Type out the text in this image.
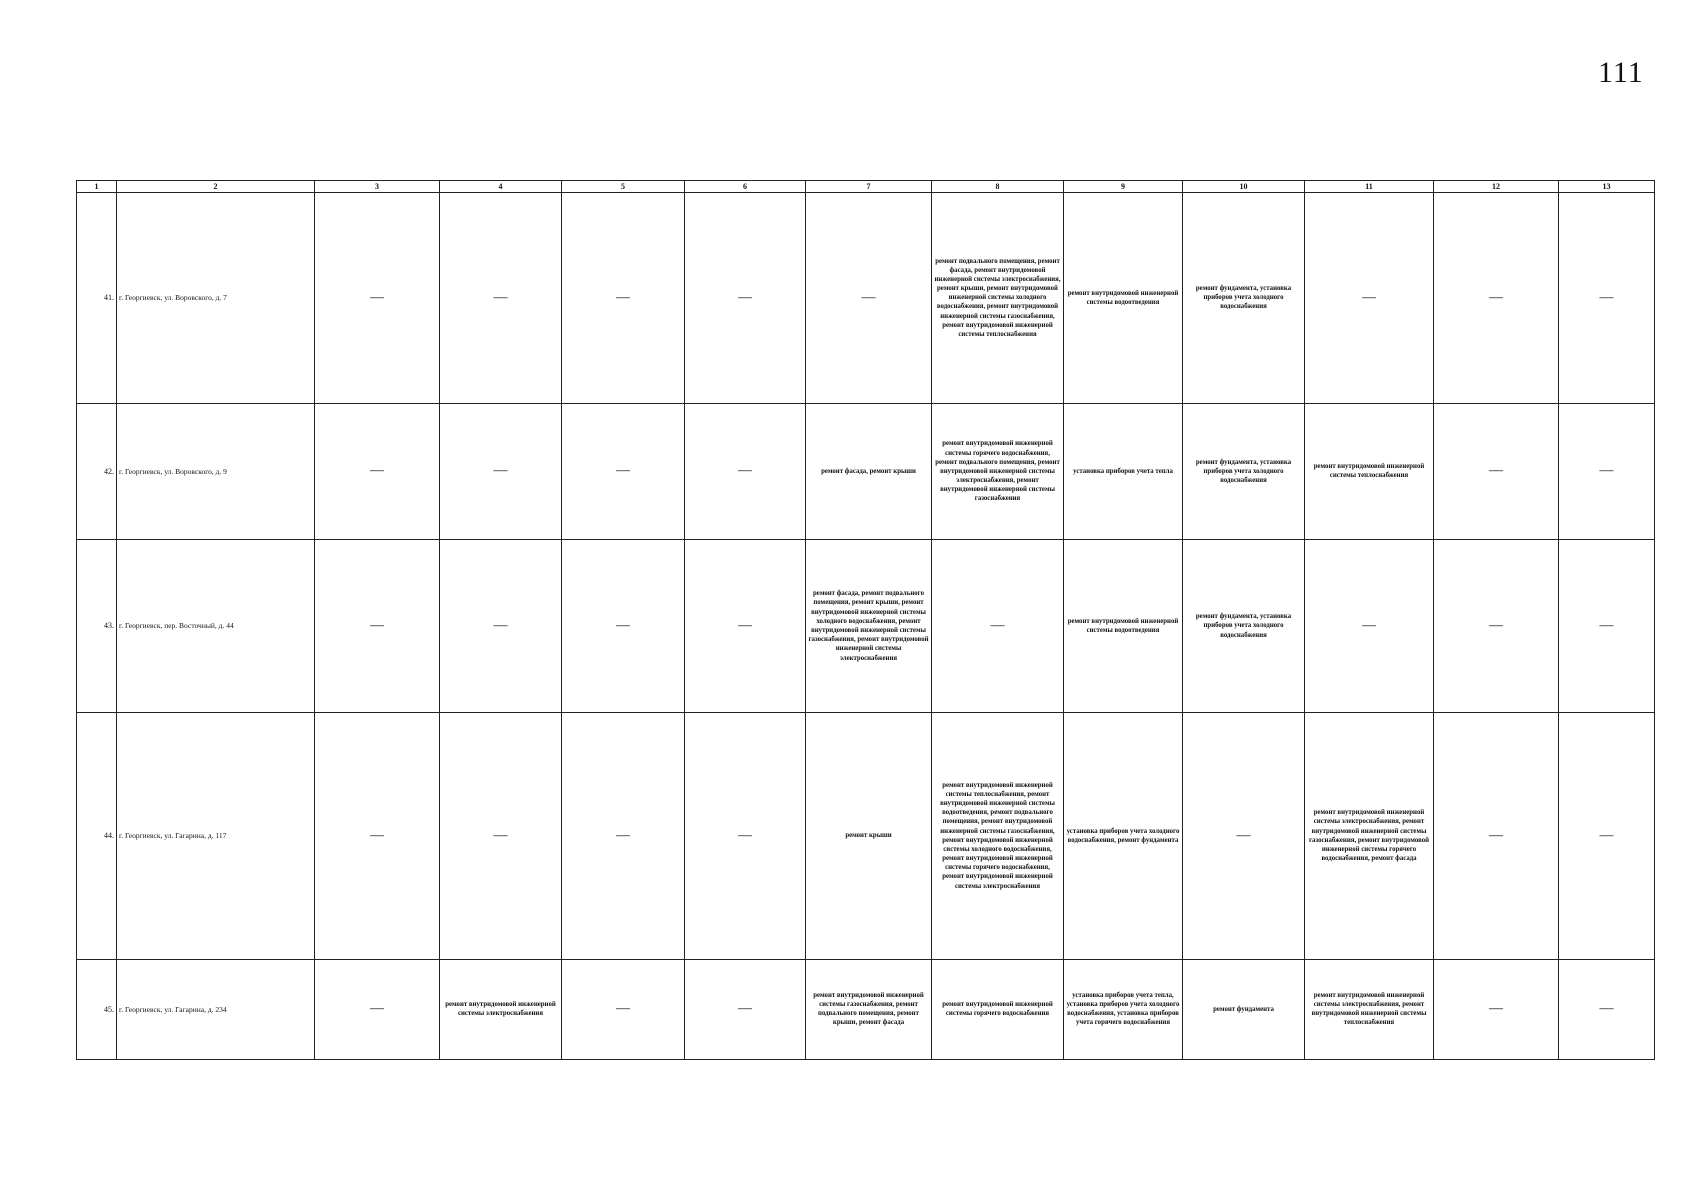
111
1	2	3	4	5	6	7	8	9	10	11	12	13

41.	г. Георгиевск, ул. Воровского, д. 7	—	—	—	—	—	ремонт подвального помещения, ремонт фасада, ремонт внутридомовой инженерной системы электроснабжения, ремонт крыши, ремонт внутридомовой инженерной системы холодного водоснабжения, ремонт внутридомовой инженерной системы газоснабжения, ремонт внутридомовой инженерной системы теплоснабжения	ремонт внутридомовой инженерной системы водоотведения	ремонт фундамента, установка приборов учета холодного водоснабжения	—	—	—
42.	г. Георгиевск, ул. Воровского, д. 9	—	—	—	—	ремонт фасада, ремонт крыши	ремонт внутридомовой инженерной системы горячего водоснабжения, ремонт подвального помещения, ремонт внутридомовой инженерной системы электроснабжения, ремонт внутридомовой инженерной системы газоснабжения	установка приборов учета тепла	ремонт фундамента, установка приборов учета холодного водоснабжения	ремонт внутридомовой инженерной системы теплоснабжения	—	—
43.	г. Георгиевск, пер. Восточный, д. 44	—	—	—	—	ремонт фасада, ремонт подвального помещения, ремонт крыши, ремонт внутридомовой инженерной системы холодного водоснабжения, ремонт внутридомовой инженерной системы газоснабжения, ремонт внутридомовой инженерной системы электроснабжения	—	ремонт внутридомовой инженерной системы водоотведения	ремонт фундамента, установка приборов учета холодного водоснабжения	—	—	—
44.	г. Георгиевск, ул. Гагарина, д. 117	—	—	—	—	ремонт крыши	ремонт внутридомовой инженерной системы теплоснабжения, ремонт внутридомовой инженерной системы водоотведения, ремонт подвального помещения, ремонт внутридомовой инженерной системы газоснабжения, ремонт внутридомовой инженерной системы холодного водоснабжения, ремонт внутридомовой инженерной системы горячего водоснабжения, ремонт внутридомовой инженерной системы электроснабжения	установка приборов учета холодного водоснабжения, ремонт фундамента	—	ремонт внутридомовой инженерной системы электроснабжения, ремонт внутридомовой инженерной системы газоснабжения, ремонт внутридомовой инженерной системы горячего водоснабжения, ремонт фасада	—	—
45.	г. Георгиевск, ул. Гагарина, д. 234	—	ремонт внутридомовой инженерной системы электроснабжения	—	—	ремонт внутридомовой инженерной системы газоснабжения, ремонт подвального помещения, ремонт крыши, ремонт фасада	ремонт внутридомовой инженерной системы горячего водоснабжения	установка приборов учета тепла, установка приборов учета холодного водоснабжения, установка приборов учета горячего водоснабжения	ремонт фундамента	ремонт внутридомовой инженерной системы электроснабжения, ремонт внутридомовой инженерной системы теплоснабжения	—	—
